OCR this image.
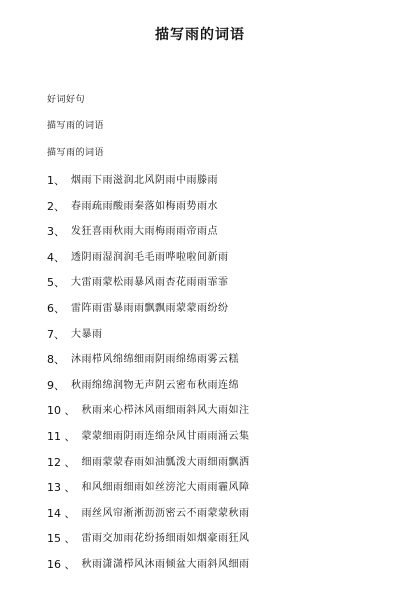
描写雨的词语
好词好句
描写雨的词语
描写雨的词语
1、 烟雨下雨滋润北风阴雨中雨滕雨
2、 春雨疏雨酸雨秦落如梅雨势雨水
3、 发狂喜雨秋雨大雨梅雨雨帝雨点
4、 透阴雨湿润润毛毛雨哗啦啦间新雨
5、 大雷雨蒙松雨暴风雨杏花雨雨霏霏
6、 雷阵雨雷暴雨雨飘飘雨蒙蒙雨纷纷
7、 大暴雨
8、 沐雨栉风绵绵细雨阴雨绵绵雨雾云糕
9、 秋雨绵绵润物无声阴云密布秋雨连绵
10 、 秋雨来心栉沐风雨细雨斜风大雨如注
11 、 蒙蒙细雨阴雨连绵杂风甘雨雨涌云集
12 、 细雨蒙蒙春雨如油瓢泼大雨细雨飘洒
13 、 和风细雨细雨如丝滂沱大雨雨霾风障
14 、 雨丝风帘淅淅沥沥密云不雨蒙蒙秋雨
15 、 雷雨交加雨花纷扬细雨如烟豪雨狂风
16 、 秋雨潇潇栉风沐雨倾盆大雨斜风细雨
